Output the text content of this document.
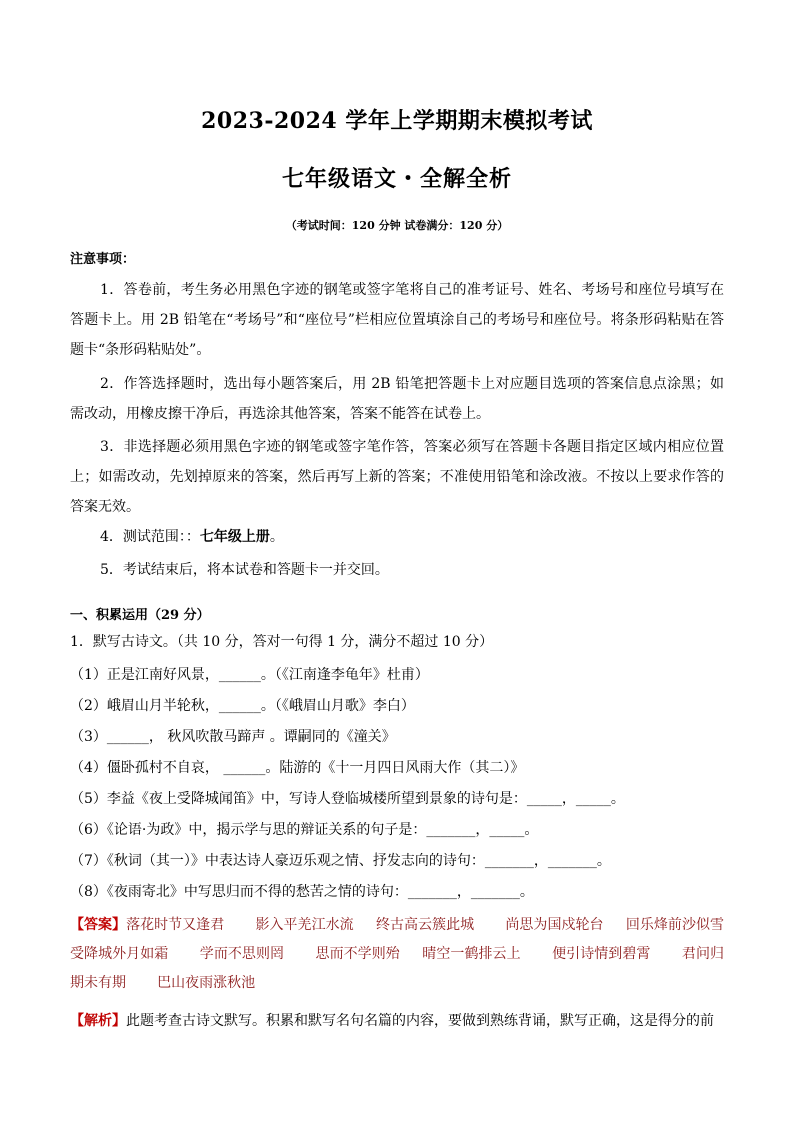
2023-2024 学年上学期期末模拟考试
七年级语文・全解全析
（考试时间：120 分钟 试卷满分：120 分）
注意事项：
1．答卷前，考生务必用黑色字迹的钢笔或签字笔将自己的准考证号、姓名、考场号和座位号填写在答题卡上。用 2B 铅笔在“考场号”和“座位号”栏相应位置填涂自己的考场号和座位号。将条形码粘贴在答题卡“条形码粘贴处”。
2．作答选择题时，选出每小题答案后，用 2B 铅笔把答题卡上对应题目选项的答案信息点涂黑；如需改动，用橡皮擦干净后，再选涂其他答案，答案不能答在试卷上。
3．非选择题必须用黑色字迹的钢笔或签字笔作答，答案必须写在答题卡各题目指定区域内相应位置上；如需改动，先划掉原来的答案，然后再写上新的答案；不准使用铅笔和涂改液。不按以上要求作答的答案无效。
4．测试范围：：七年级上册。
5．考试结束后，将本试卷和答题卡一并交回。
一、积累运用（29 分）
1．默写古诗文。（共 10 分，答对一句得 1 分，满分不超过 10 分）
（1）正是江南好风景，______。（《江南逢李龟年》杜甫）
（2）峨眉山月半轮秋，______。（《峨眉山月歌》李白）
（3）______， 秋风吹散马蹄声 。谭嗣同的《潼关》
（4）僵卧孤村不自哀， ______。陆游的《十一月四日风雨大作（其二）》
（5）李益《夜上受降城闻笛》中，写诗人登临城楼所望到景象的诗句是：_____，_____。
（6）《论语·为政》中，揭示学与思的辩证关系的句子是：_______，_____。
（7）《秋词（其一）》中表达诗人豪迈乐观之情、抒发志向的诗句：_______，_______。
（8）《夜雨寄北》中写思归而不得的愁苦之情的诗句：_______，_______。
【答案】落花时节又逢君       影入平羌江水流     终古高云簇此城       尚思为国戍轮台     回乐烽前沙似雪     受降城外月如霜       学而不思则罔       思而不学则殆     晴空一鹤排云上       便引诗情到碧霄       君问归期未有期       巴山夜雨涨秋池
【解析】此题考查古诗文默写。积累和默写名句名篇的内容，要做到熟练背诵，默写正确，这是得分的前
